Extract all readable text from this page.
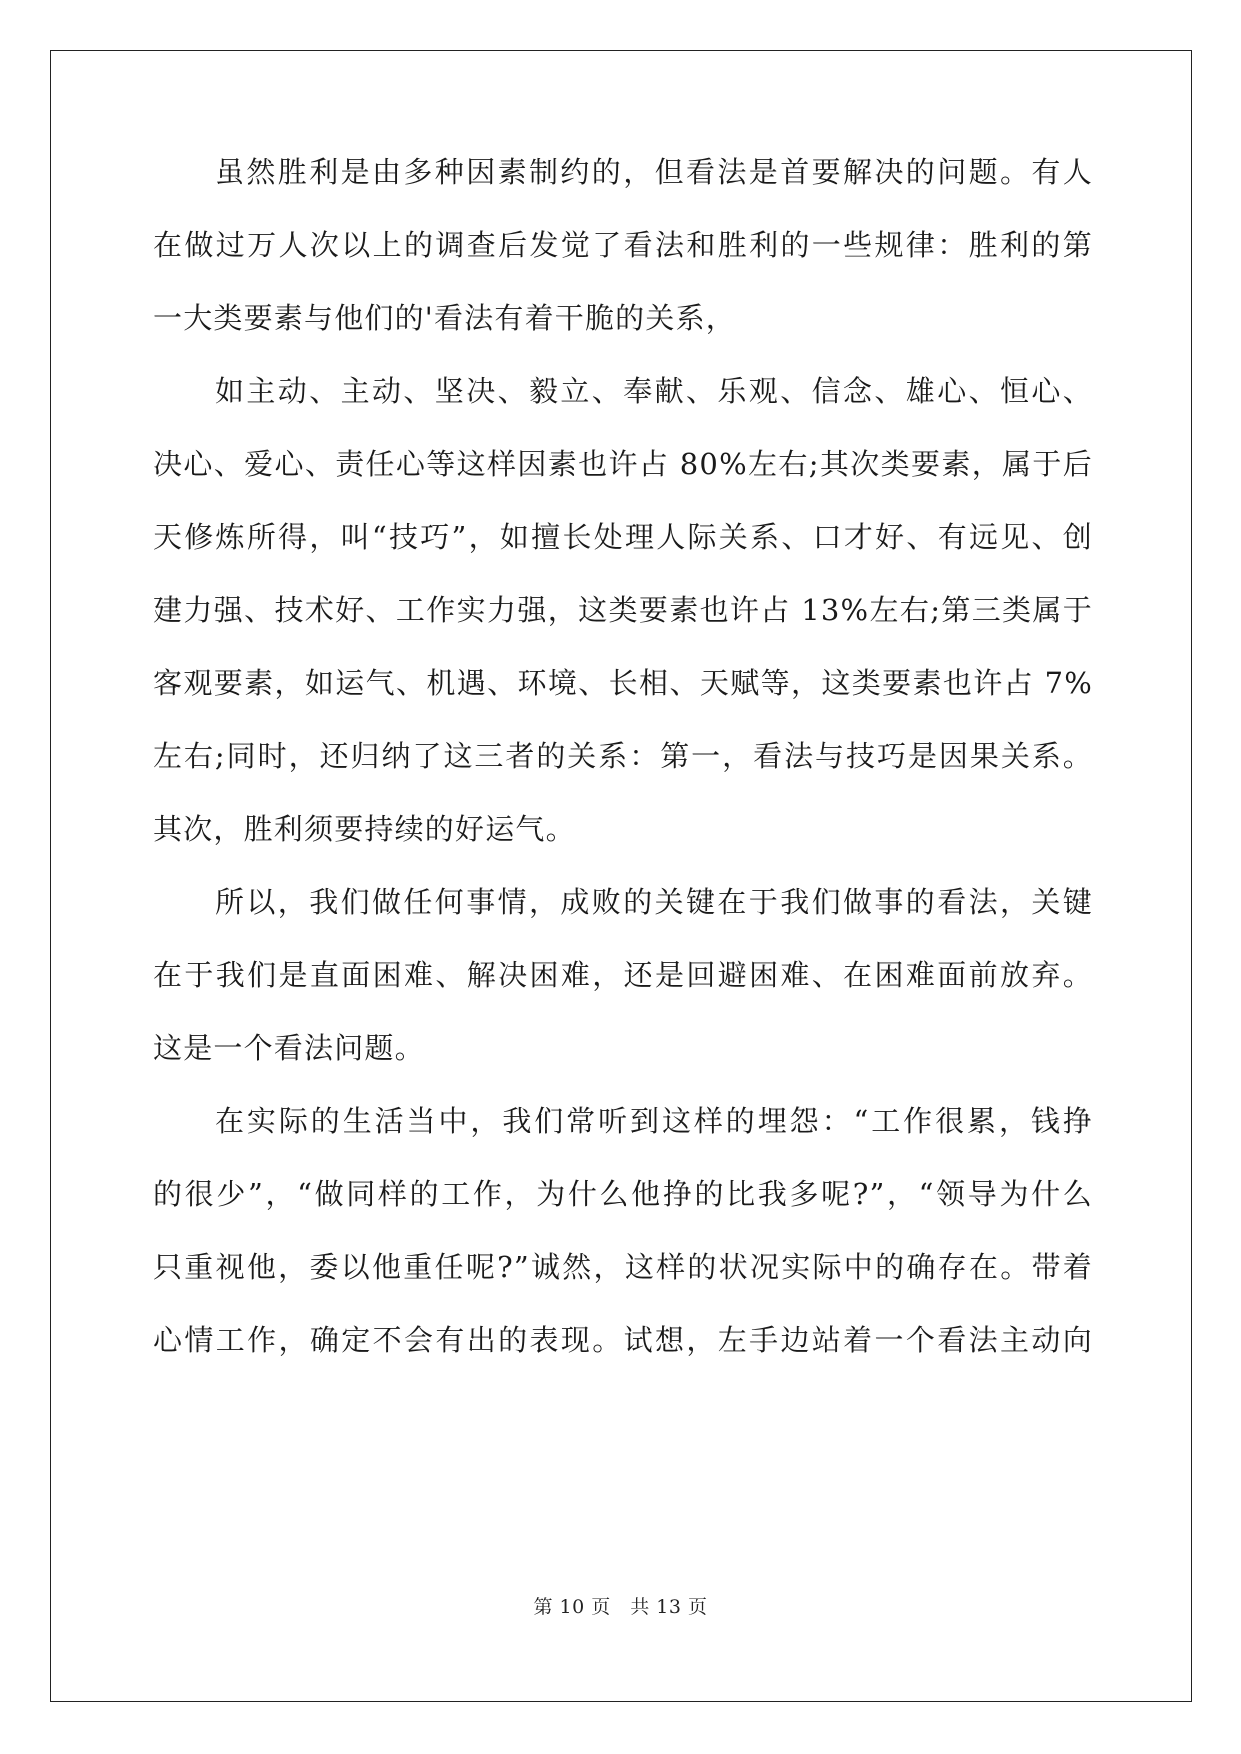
虽然胜利是由多种因素制约的，但看法是首要解决的问题。有人
在做过万人次以上的调查后发觉了看法和胜利的一些规律：胜利的第
一大类要素与他们的'看法有着干脆的关系，
如主动、主动、坚决、毅立、奉献、乐观、信念、雄心、恒心、
决心、爱心、责任心等这样因素也许占 80%左右;其次类要素，属于后
天修炼所得，叫“技巧”，如擅长处理人际关系、口才好、有远见、创
建力强、技术好、工作实力强，这类要素也许占 13%左右;第三类属于
客观要素，如运气、机遇、环境、长相、天赋等，这类要素也许占 7%
左右;同时，还归纳了这三者的关系：第一，看法与技巧是因果关系。
其次，胜利须要持续的好运气。
所以，我们做任何事情，成败的关键在于我们做事的看法，关键
在于我们是直面困难、解决困难，还是回避困难、在困难面前放弃。
这是一个看法问题。
在实际的生活当中，我们常听到这样的埋怨：“工作很累，钱挣
的很少”，“做同样的工作，为什么他挣的比我多呢?”，“领导为什么
只重视他，委以他重任呢?”诚然，这样的状况实际中的确存在。带着
心情工作，确定不会有出的表现。试想，左手边站着一个看法主动向
第 10 页　共 13 页
